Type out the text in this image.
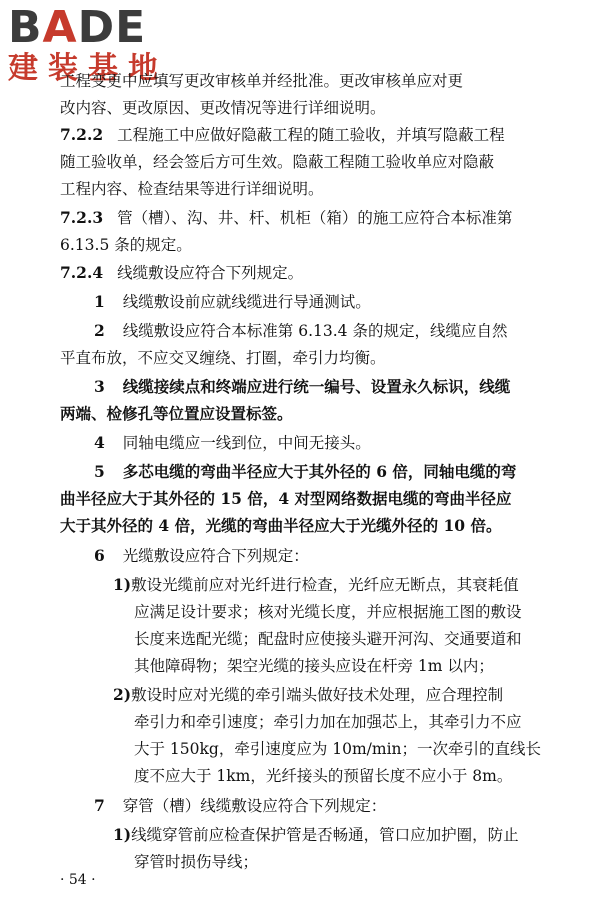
BADE
建装基地
工程变更中应填写更改审核单并经批准。更改审核单应对更
改内容、更改原因、更改情况等进行详细说明。
7.2.2 工程施工中应做好隐蔽工程的随工验收，并填写隐蔽工程
随工验收单，经会签后方可生效。隐蔽工程随工验收单应对隐蔽
工程内容、检查结果等进行详细说明。
7.2.3 管（槽）、沟、井、杆、机柜（箱）的施工应符合本标准第
6.13.5 条的规定。
7.2.4 线缆敷设应符合下列规定。
1 线缆敷设前应就线缆进行导通测试。
2 线缆敷设应符合本标准第 6.13.4 条的规定，线缆应自然
平直布放，不应交叉缠绕、打圈，牵引力均衡。
3 线缆接续点和终端应进行统一编号、设置永久标识，线缆
两端、检修孔等位置应设置标签。
4 同轴电缆应一线到位，中间无接头。
5 多芯电缆的弯曲半径应大于其外径的 6 倍，同轴电缆的弯
曲半径应大于其外径的 15 倍，4 对型网络数据电缆的弯曲半径应
大于其外径的 4 倍，光缆的弯曲半径应大于光缆外径的 10 倍。
6 光缆敷设应符合下列规定：
1)敷设光缆前应对光纤进行检查，光纤应无断点，其衰耗值
应满足设计要求；核对光缆长度，并应根据施工图的敷设
长度来选配光缆；配盘时应使接头避开河沟、交通要道和
其他障碍物；架空光缆的接头应设在杆旁 1m 以内；
2)敷设时应对光缆的牵引端头做好技术处理，应合理控制
牵引力和牵引速度；牵引力加在加强芯上，其牵引力不应
大于 150kg，牵引速度应为 10m/min；一次牵引的直线长
度不应大于 1km，光纤接头的预留长度不应小于 8m。
7 穿管（槽）线缆敷设应符合下列规定：
1)线缆穿管前应检查保护管是否畅通，管口应加护圈，防止
穿管时损伤导线；
· 54 ·
